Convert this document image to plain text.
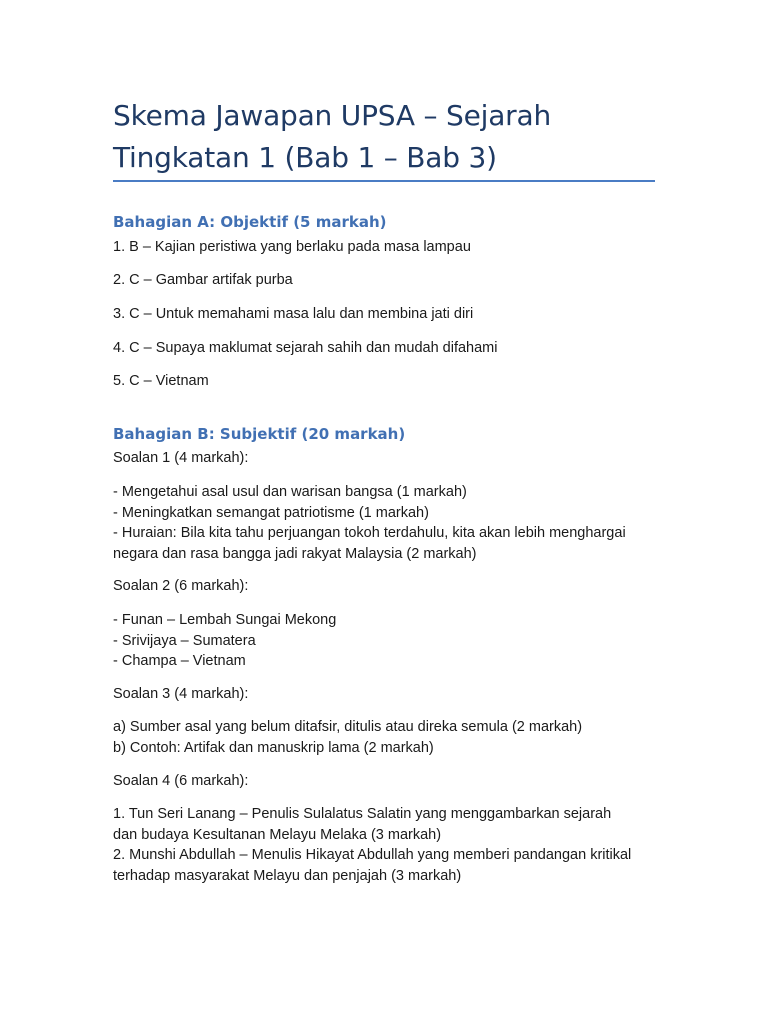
Skema Jawapan UPSA – Sejarah
Tingkatan 1 (Bab 1 – Bab 3)
Bahagian A: Objektif (5 markah)
1. B – Kajian peristiwa yang berlaku pada masa lampau
2. C – Gambar artifak purba
3. C – Untuk memahami masa lalu dan membina jati diri
4. C – Supaya maklumat sejarah sahih dan mudah difahami
5. C – Vietnam
Bahagian B: Subjektif (20 markah)
Soalan 1 (4 markah):
- Mengetahui asal usul dan warisan bangsa (1 markah)
- Meningkatkan semangat patriotisme (1 markah)
- Huraian: Bila kita tahu perjuangan tokoh terdahulu, kita akan lebih menghargai
negara dan rasa bangga jadi rakyat Malaysia (2 markah)
Soalan 2 (6 markah):
- Funan – Lembah Sungai Mekong
- Srivijaya – Sumatera
- Champa – Vietnam
Soalan 3 (4 markah):
a) Sumber asal yang belum ditafsir, ditulis atau direka semula (2 markah)
b) Contoh: Artifak dan manuskrip lama (2 markah)
Soalan 4 (6 markah):
1. Tun Seri Lanang – Penulis Sulalatus Salatin yang menggambarkan sejarah
dan budaya Kesultanan Melayu Melaka (3 markah)
2. Munshi Abdullah – Menulis Hikayat Abdullah yang memberi pandangan kritikal
terhadap masyarakat Melayu dan penjajah (3 markah)
